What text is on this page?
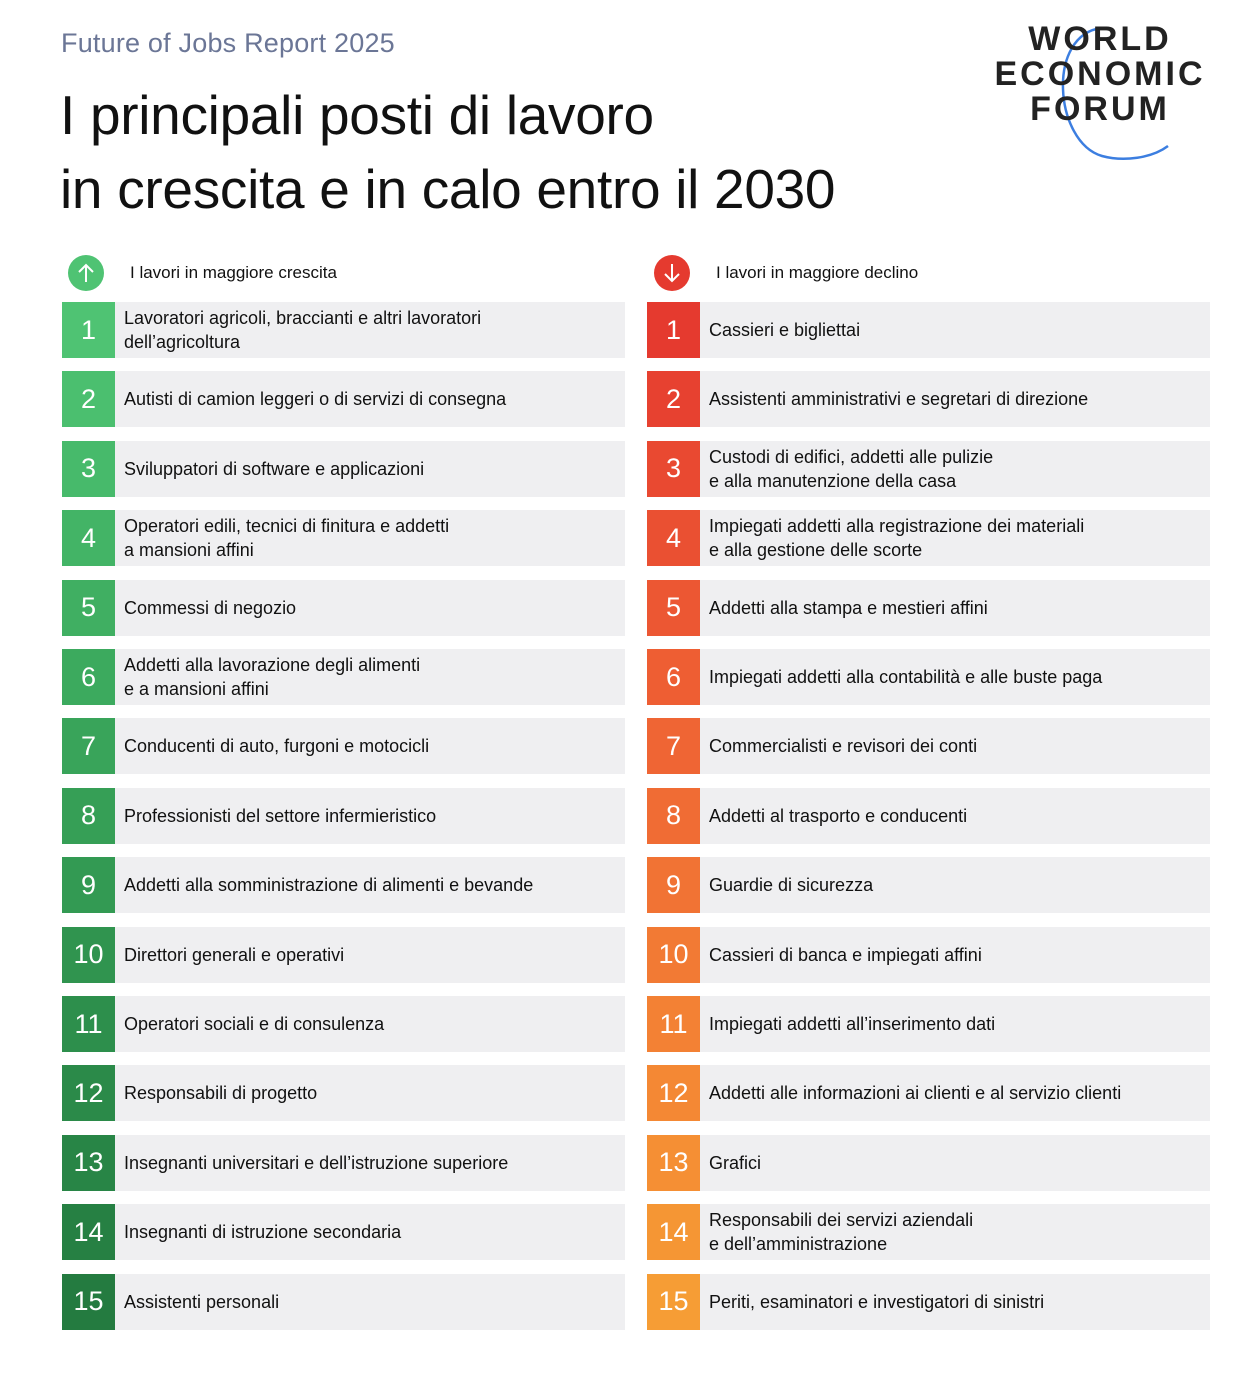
Future of Jobs Report 2025
I principali posti di lavoro
in crescita e in calo entro il 2030
WORLD
ECONOMIC
FORUM
I lavori in maggiore crescita	I lavori in maggiore declino
1	Lavoratori agricoli, braccianti e altri lavoratori
dell’agricoltura
2	Autisti di camion leggeri o di servizi di consegna
3	Sviluppatori di software e applicazioni
4	Operatori edili, tecnici di finitura e addetti
a mansioni affini
5	Commessi di negozio
6	Addetti alla lavorazione degli alimenti
e a mansioni affini
7	Conducenti di auto, furgoni e motocicli
8	Professionisti del settore infermieristico
9	Addetti alla somministrazione di alimenti e bevande
10	Direttori generali e operativi
11	Operatori sociali e di consulenza
12	Responsabili di progetto
13	Insegnanti universitari e dell’istruzione superiore
14	Insegnanti di istruzione secondaria
15	Assistenti personali
1	Cassieri e bigliettai
2	Assistenti amministrativi e segretari di direzione
3	Custodi di edifici, addetti alle pulizie
e alla manutenzione della casa
4	Impiegati addetti alla registrazione dei materiali
e alla gestione delle scorte
5	Addetti alla stampa e mestieri affini
6	Impiegati addetti alla contabilità e alle buste paga
7	Commercialisti e revisori dei conti
8	Addetti al trasporto e conducenti
9	Guardie di sicurezza
10	Cassieri di banca e impiegati affini
11	Impiegati addetti all’inserimento dati
12	Addetti alle informazioni ai clienti e al servizio clienti
13	Grafici
14	Responsabili dei servizi aziendali
e dell’amministrazione
15	Periti, esaminatori e investigatori di sinistri
